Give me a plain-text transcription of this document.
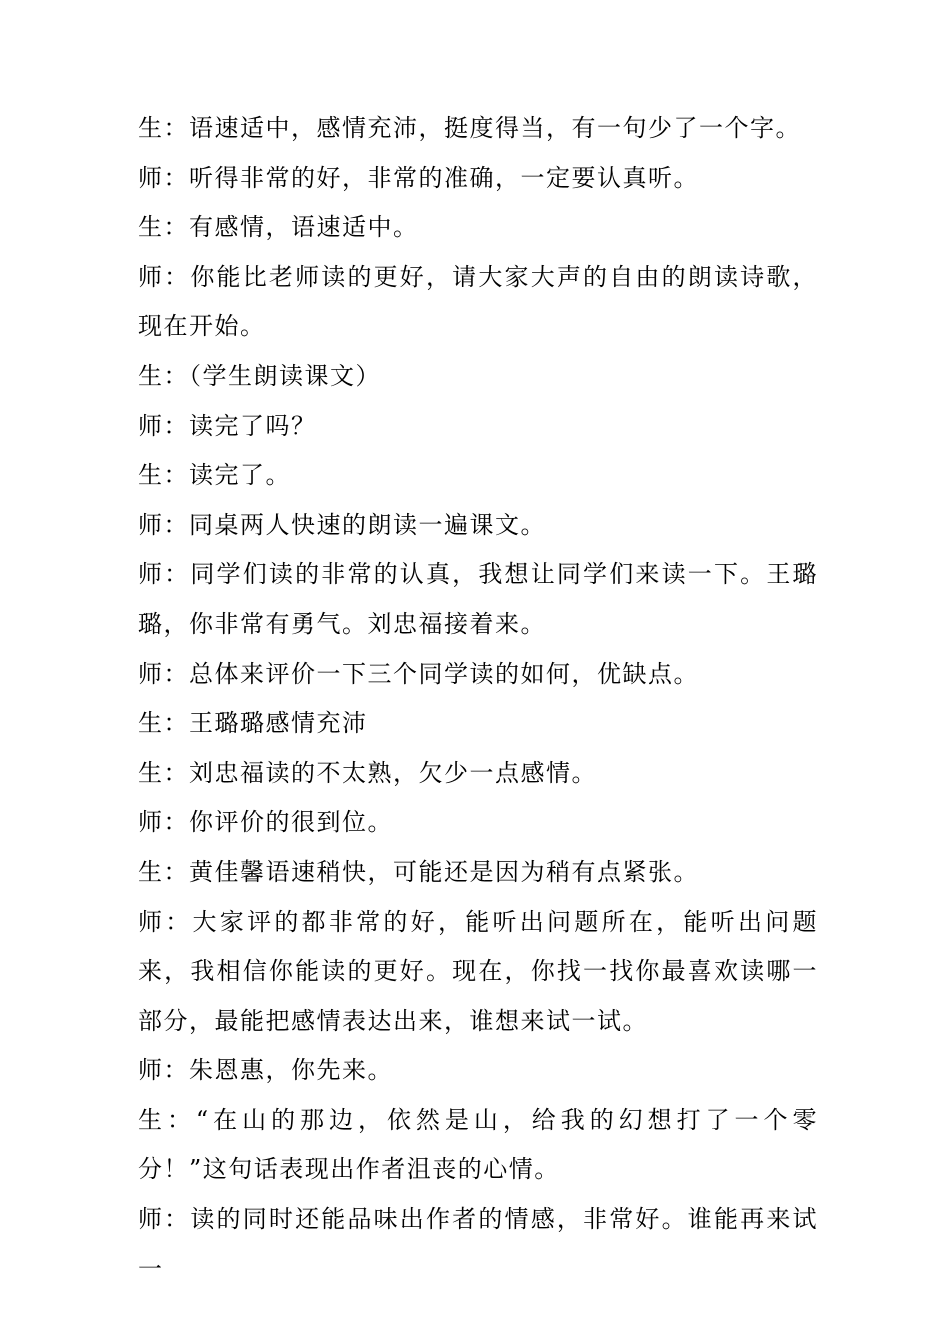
生：语速适中，感情充沛，挺度得当，有一句少了一个字。

师：听得非常的好，非常的准确，一定要认真听。

生：有感情，语速适中。

师：你能比老师读的更好，请大家大声的自由的朗读诗歌，现在开始。

生：（学生朗读课文）

师：读完了吗？

生：读完了。

师：同桌两人快速的朗读一遍课文。

师：同学们读的非常的认真，我想让同学们来读一下。王璐璐，你非常有勇气。刘忠福接着来。

师：总体来评价一下三个同学读的如何，优缺点。

生：王璐璐感情充沛

生：刘忠福读的不太熟，欠少一点感情。

师：你评价的很到位。

生：黄佳馨语速稍快，可能还是因为稍有点紧张。

师：大家评的都非常的好，能听出问题所在，能听出问题来，我相信你能读的更好。现在，你找一找你最喜欢读哪一部分，最能把感情表达出来，谁想来试一试。

师：朱恩惠，你先来。

生：“在山的那边，依然是山，给我的幻想打了一个零分！”这句话表现出作者沮丧的心情。

师：读的同时还能品味出作者的情感，非常好。谁能再来试一
